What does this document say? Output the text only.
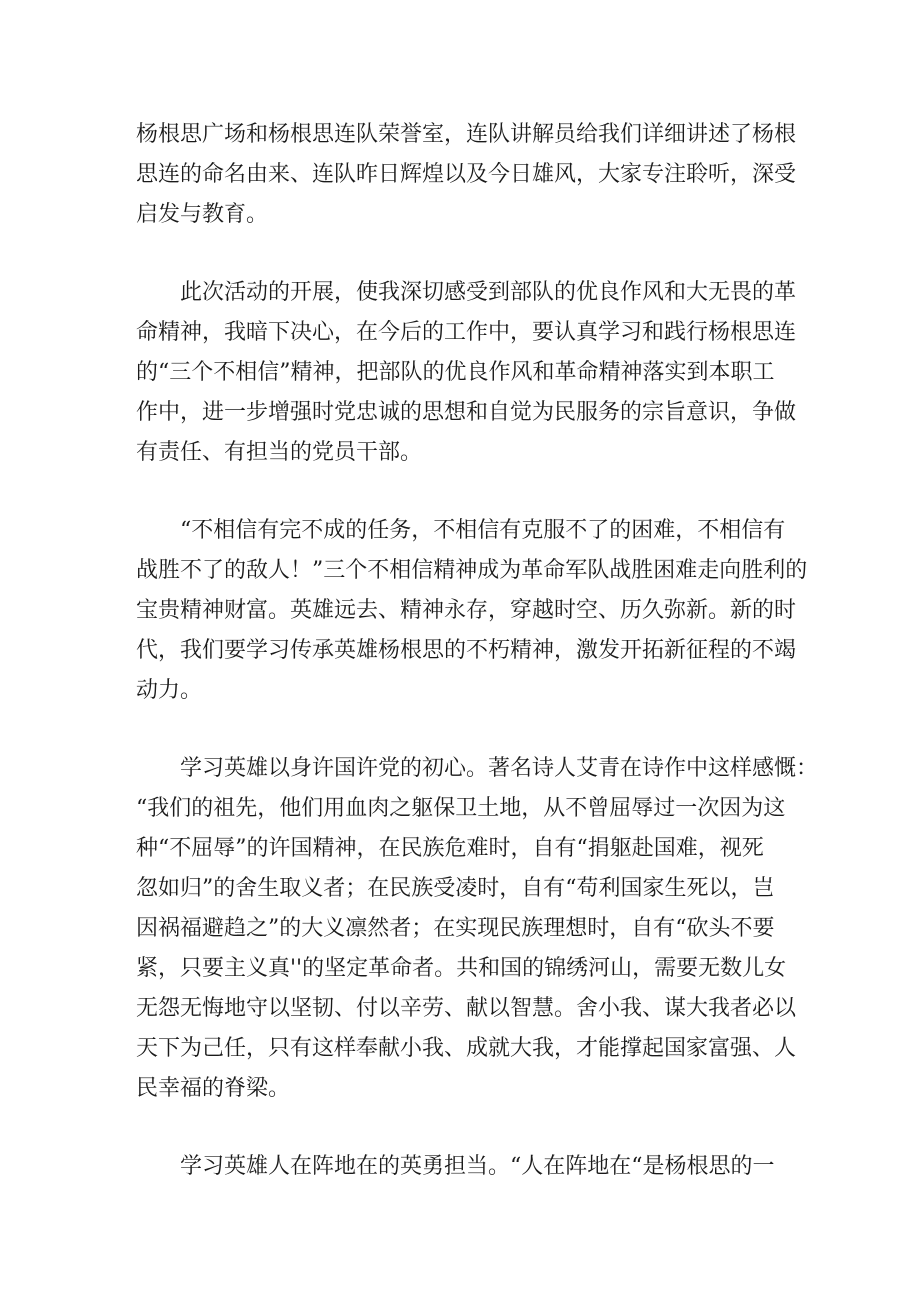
杨根思广场和杨根思连队荣誉室，连队讲解员给我们详细讲述了杨根
思连的命名由来、连队昨日辉煌以及今日雄风，大家专注聆听，深受
启发与教育。
　　此次活动的开展，使我深切感受到部队的优良作风和大无畏的革
命精神，我暗下决心，在今后的工作中，要认真学习和践行杨根思连
的“三个不相信”精神，把部队的优良作风和革命精神落实到本职工
作中，进一步增强时党忠诚的思想和自觉为民服务的宗旨意识，争做
有责任、有担当的党员干部。
　　“不相信有完不成的任务，不相信有克服不了的困难，不相信有
战胜不了的敌人！”三个不相信精神成为革命军队战胜困难走向胜利的
宝贵精神财富。英雄远去、精神永存，穿越时空、历久弥新。新的时
代，我们要学习传承英雄杨根思的不朽精神，激发开拓新征程的不竭
动力。
　　学习英雄以身许国许党的初心。著名诗人艾青在诗作中这样感慨：
“我们的祖先，他们用血肉之躯保卫土地，从不曾屈辱过一次因为这
种“不屈辱”的许国精神，在民族危难时，自有“捐躯赴国难，视死
忽如归”的舍生取义者；在民族受凌时，自有“苟利国家生死以，岂
因祸福避趋之”的大义凛然者；在实现民族理想时，自有“砍头不要
紧，只要主义真''的坚定革命者。共和国的锦绣河山，需要无数儿女
无怨无悔地守以坚韧、付以辛劳、献以智慧。舍小我、谋大我者必以
天下为己任，只有这样奉献小我、成就大我，才能撑起国家富强、人
民幸福的脊梁。
　　学习英雄人在阵地在的英勇担当。“人在阵地在“是杨根思的一
